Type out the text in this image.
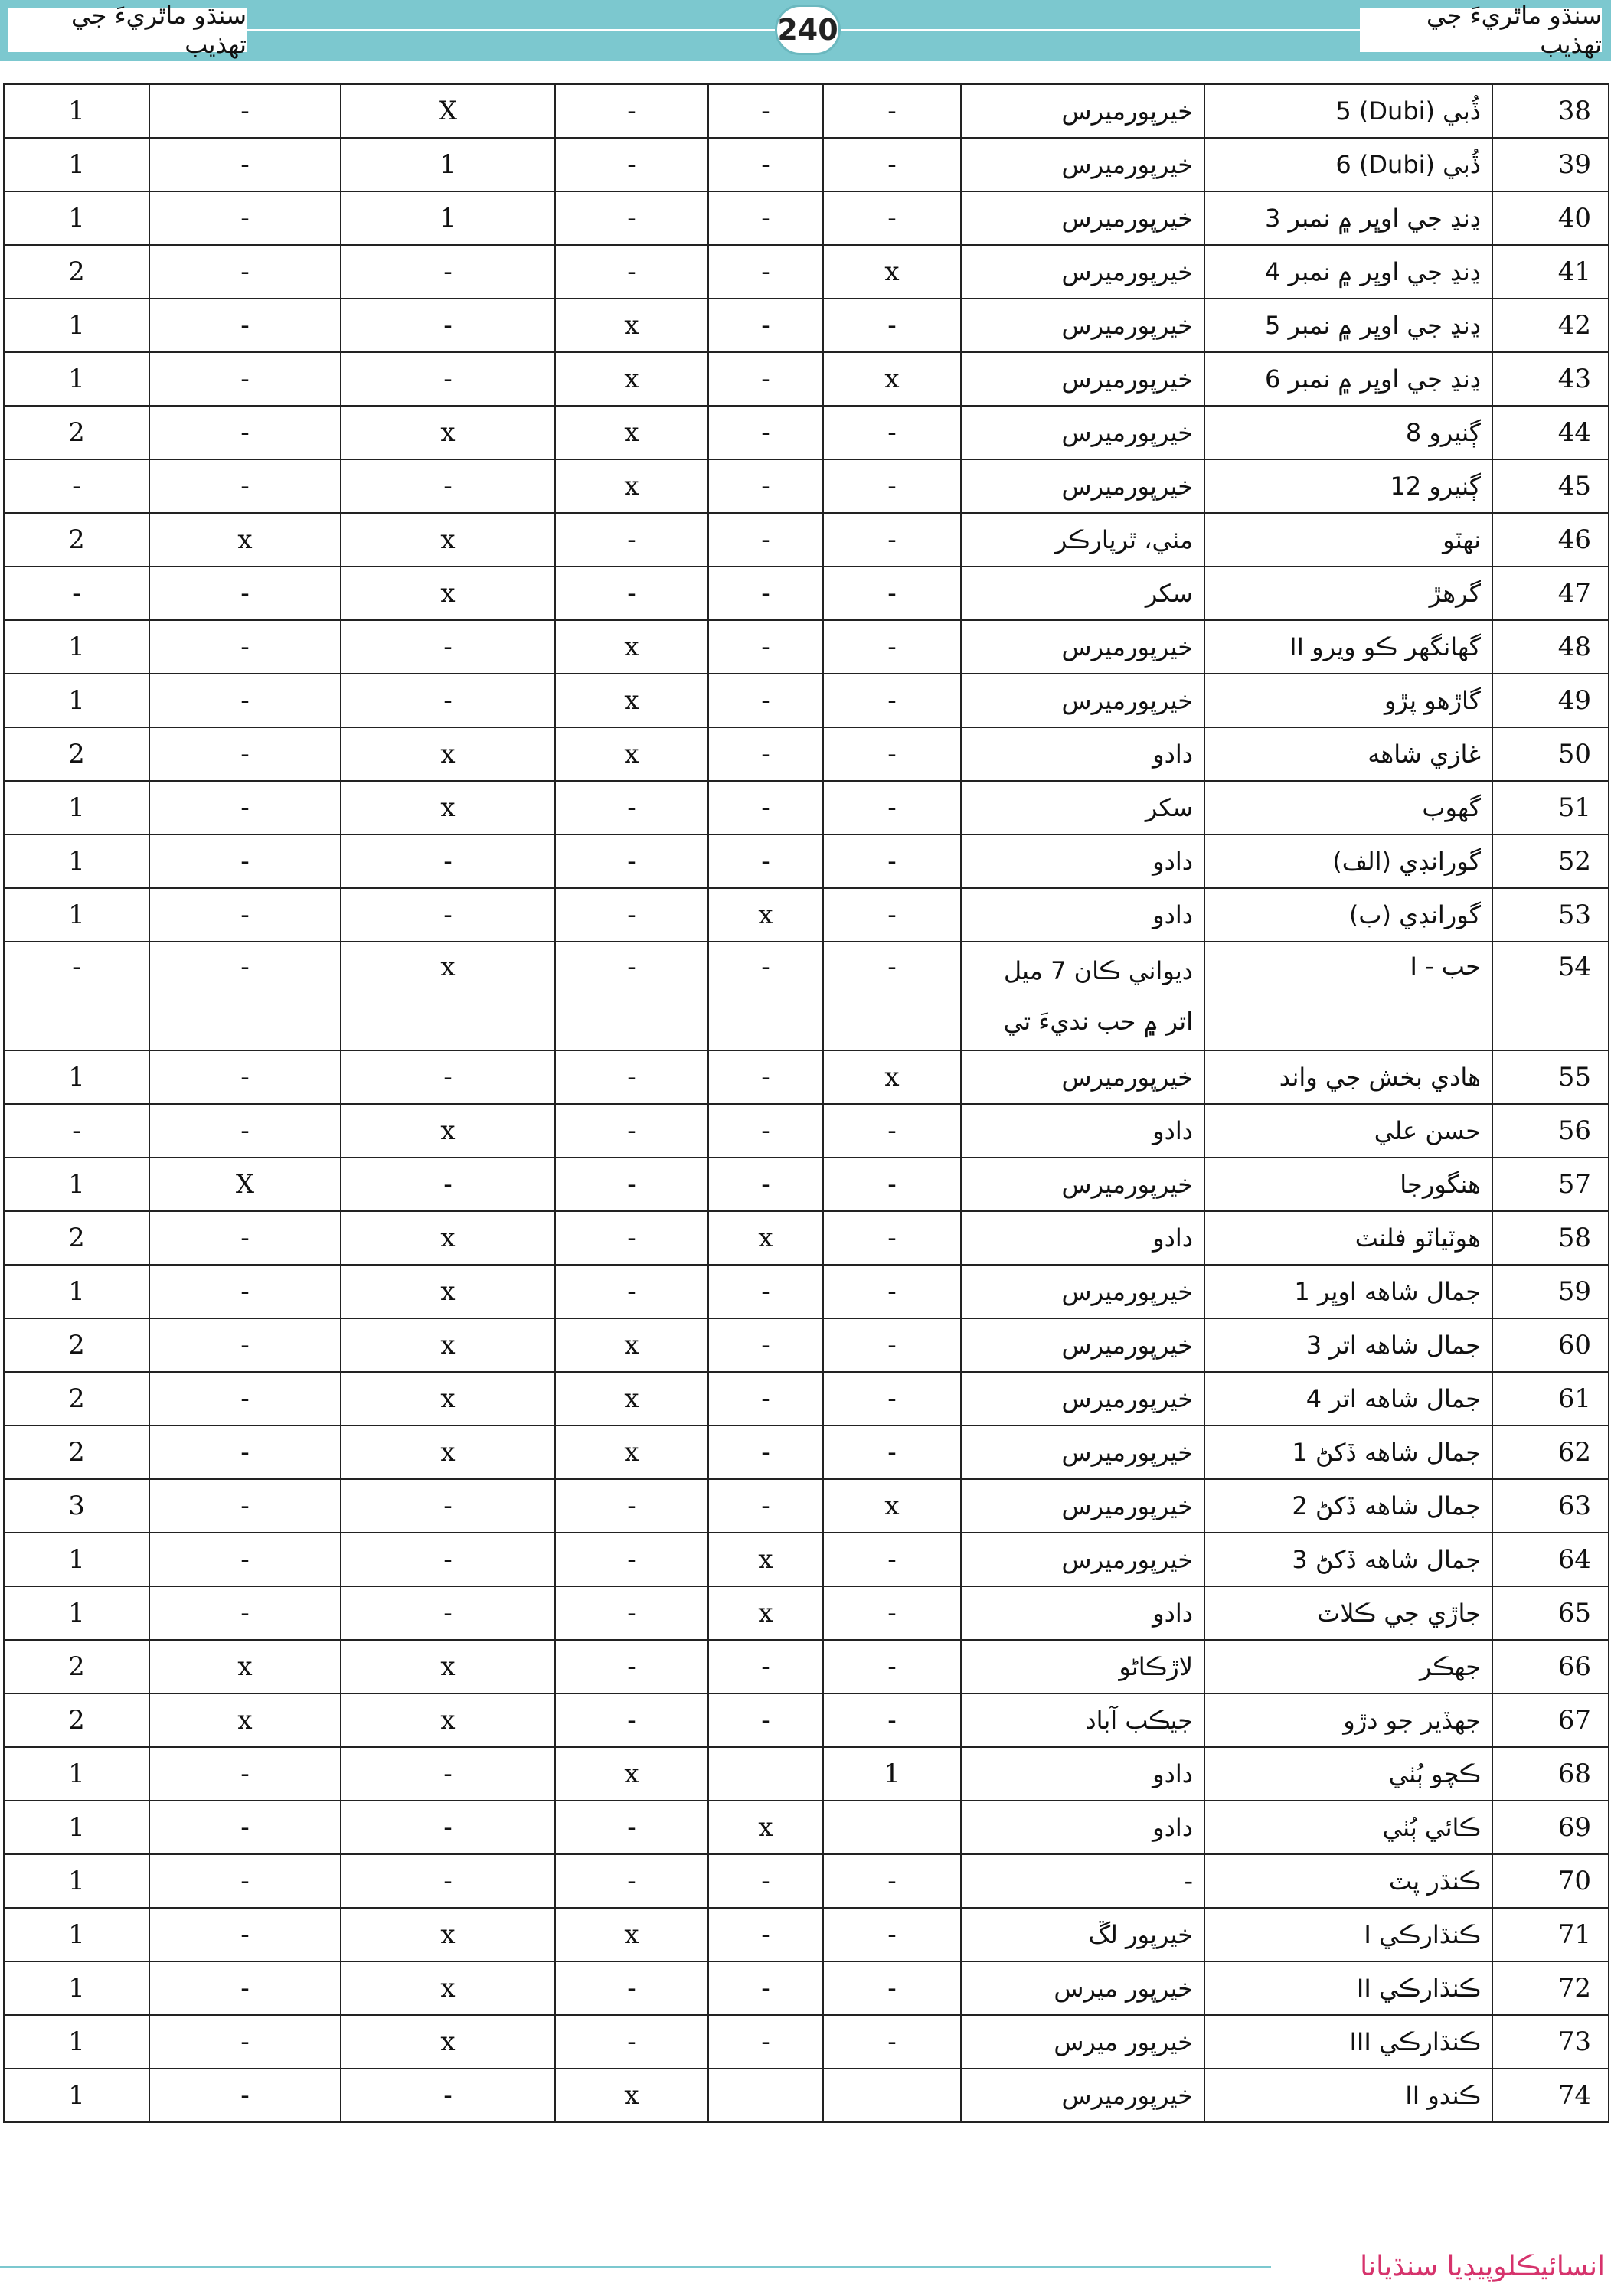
سنڌو ماٿريءَ جي تهذيب	240	سنڌو ماٿريءَ جي تهذيب
1	-	X	-	-	-	خيرپورميرس	ڏُبي (Dubi) 5	38
1	-	1	-	-	-	خيرپورميرس	ڏُبي (Dubi) 6	39
1	-	1	-	-	-	خيرپورميرس	ڍنڍ جي اوڀر ۾ نمبر 3	40
2	-	-	-	-	x	خيرپورميرس	ڍنڍ جي اوڀر ۾ نمبر 4	41
1	-	-	x	-	-	خيرپورميرس	ڍنڍ جي اوڀر ۾ نمبر 5	42
1	-	-	x	-	x	خيرپورميرس	ڍنڍ جي اوڀر ۾ نمبر 6	43
2	-	x	x	-	-	خيرپورميرس	ڳنيرو 8	44
-	-	-	x	-	-	خيرپورميرس	ڳنيرو 12	45
2	x	x	-	-	-	مٺي، ٿرپارڪر	نهٽو	46
-	-	x	-	-	-	سکر	گرهڙ	47
1	-	-	x	-	-	خيرپورميرس	گهانگهر ڪو ويرو II	48
1	-	-	x	-	-	خيرپورميرس	گاڙهو پڙو	49
2	-	x	x	-	-	دادو	غازي شاهه	50
1	-	x	-	-	-	سکر	گهوب	51
1	-	-	-	-	-	دادو	گورانڊي (الف)	52
1	-	-	-	x	-	دادو	گورانڊي (ب)	53
-	-	x	-	-	-	ديواني ڪان 7 ميل اتر ۾ حب نديءَ تي	حب - I	54
1	-	-	-	-	x	خيرپورميرس	هادي بخش جي واند	55
-	-	x	-	-	-	دادو	حسن علي	56
1	X	-	-	-	-	خيرپورميرس	هنگورجا	57
2	-	x	-	x	-	دادو	هوٽياٽو فلنٽ	58
1	-	x	-	-	-	خيرپورميرس	جمال شاهه اوڀر 1	59
2	-	x	x	-	-	خيرپورميرس	جمال شاهه اتر 3	60
2	-	x	x	-	-	خيرپورميرس	جمال شاهه اتر 4	61
2	-	x	x	-	-	خيرپورميرس	جمال شاهه ڏکڻ 1	62
3	-	-	-	-	x	خيرپورميرس	جمال شاهه ڏکڻ 2	63
1	-	-	-	x	-	خيرپورميرس	جمال شاهه ڏکڻ 3	64
1	-	-	-	x	-	دادو	جاڙي جي ڪلاٽ	65
2	x	x	-	-	-	لاڙڪاڻو	جهڪر	66
2	x	x	-	-	-	جيڪب آباد	جهڏير جو دڙو	67
1	-	-	x		1	دادو	ڪچو ٻُٺي	68
1	-	-	-	x		دادو	ڪائي ٻُٺي	69
1	-	-	-	-	-	-	ڪنڌر پٽ	70
1	-	x	x	-	-	خيرپور لڱ	ڪنڌارڪي I	71
1	-	x	-	-	-	خيرپور ميرس	ڪنڌارڪي II	72
1	-	x	-	-	-	خيرپور ميرس	ڪنڌارڪي III	73
1	-	-	x			خيرپورميرس	ڪندو II	74
انسائيڪلوپيڊيا سنڌيانا
